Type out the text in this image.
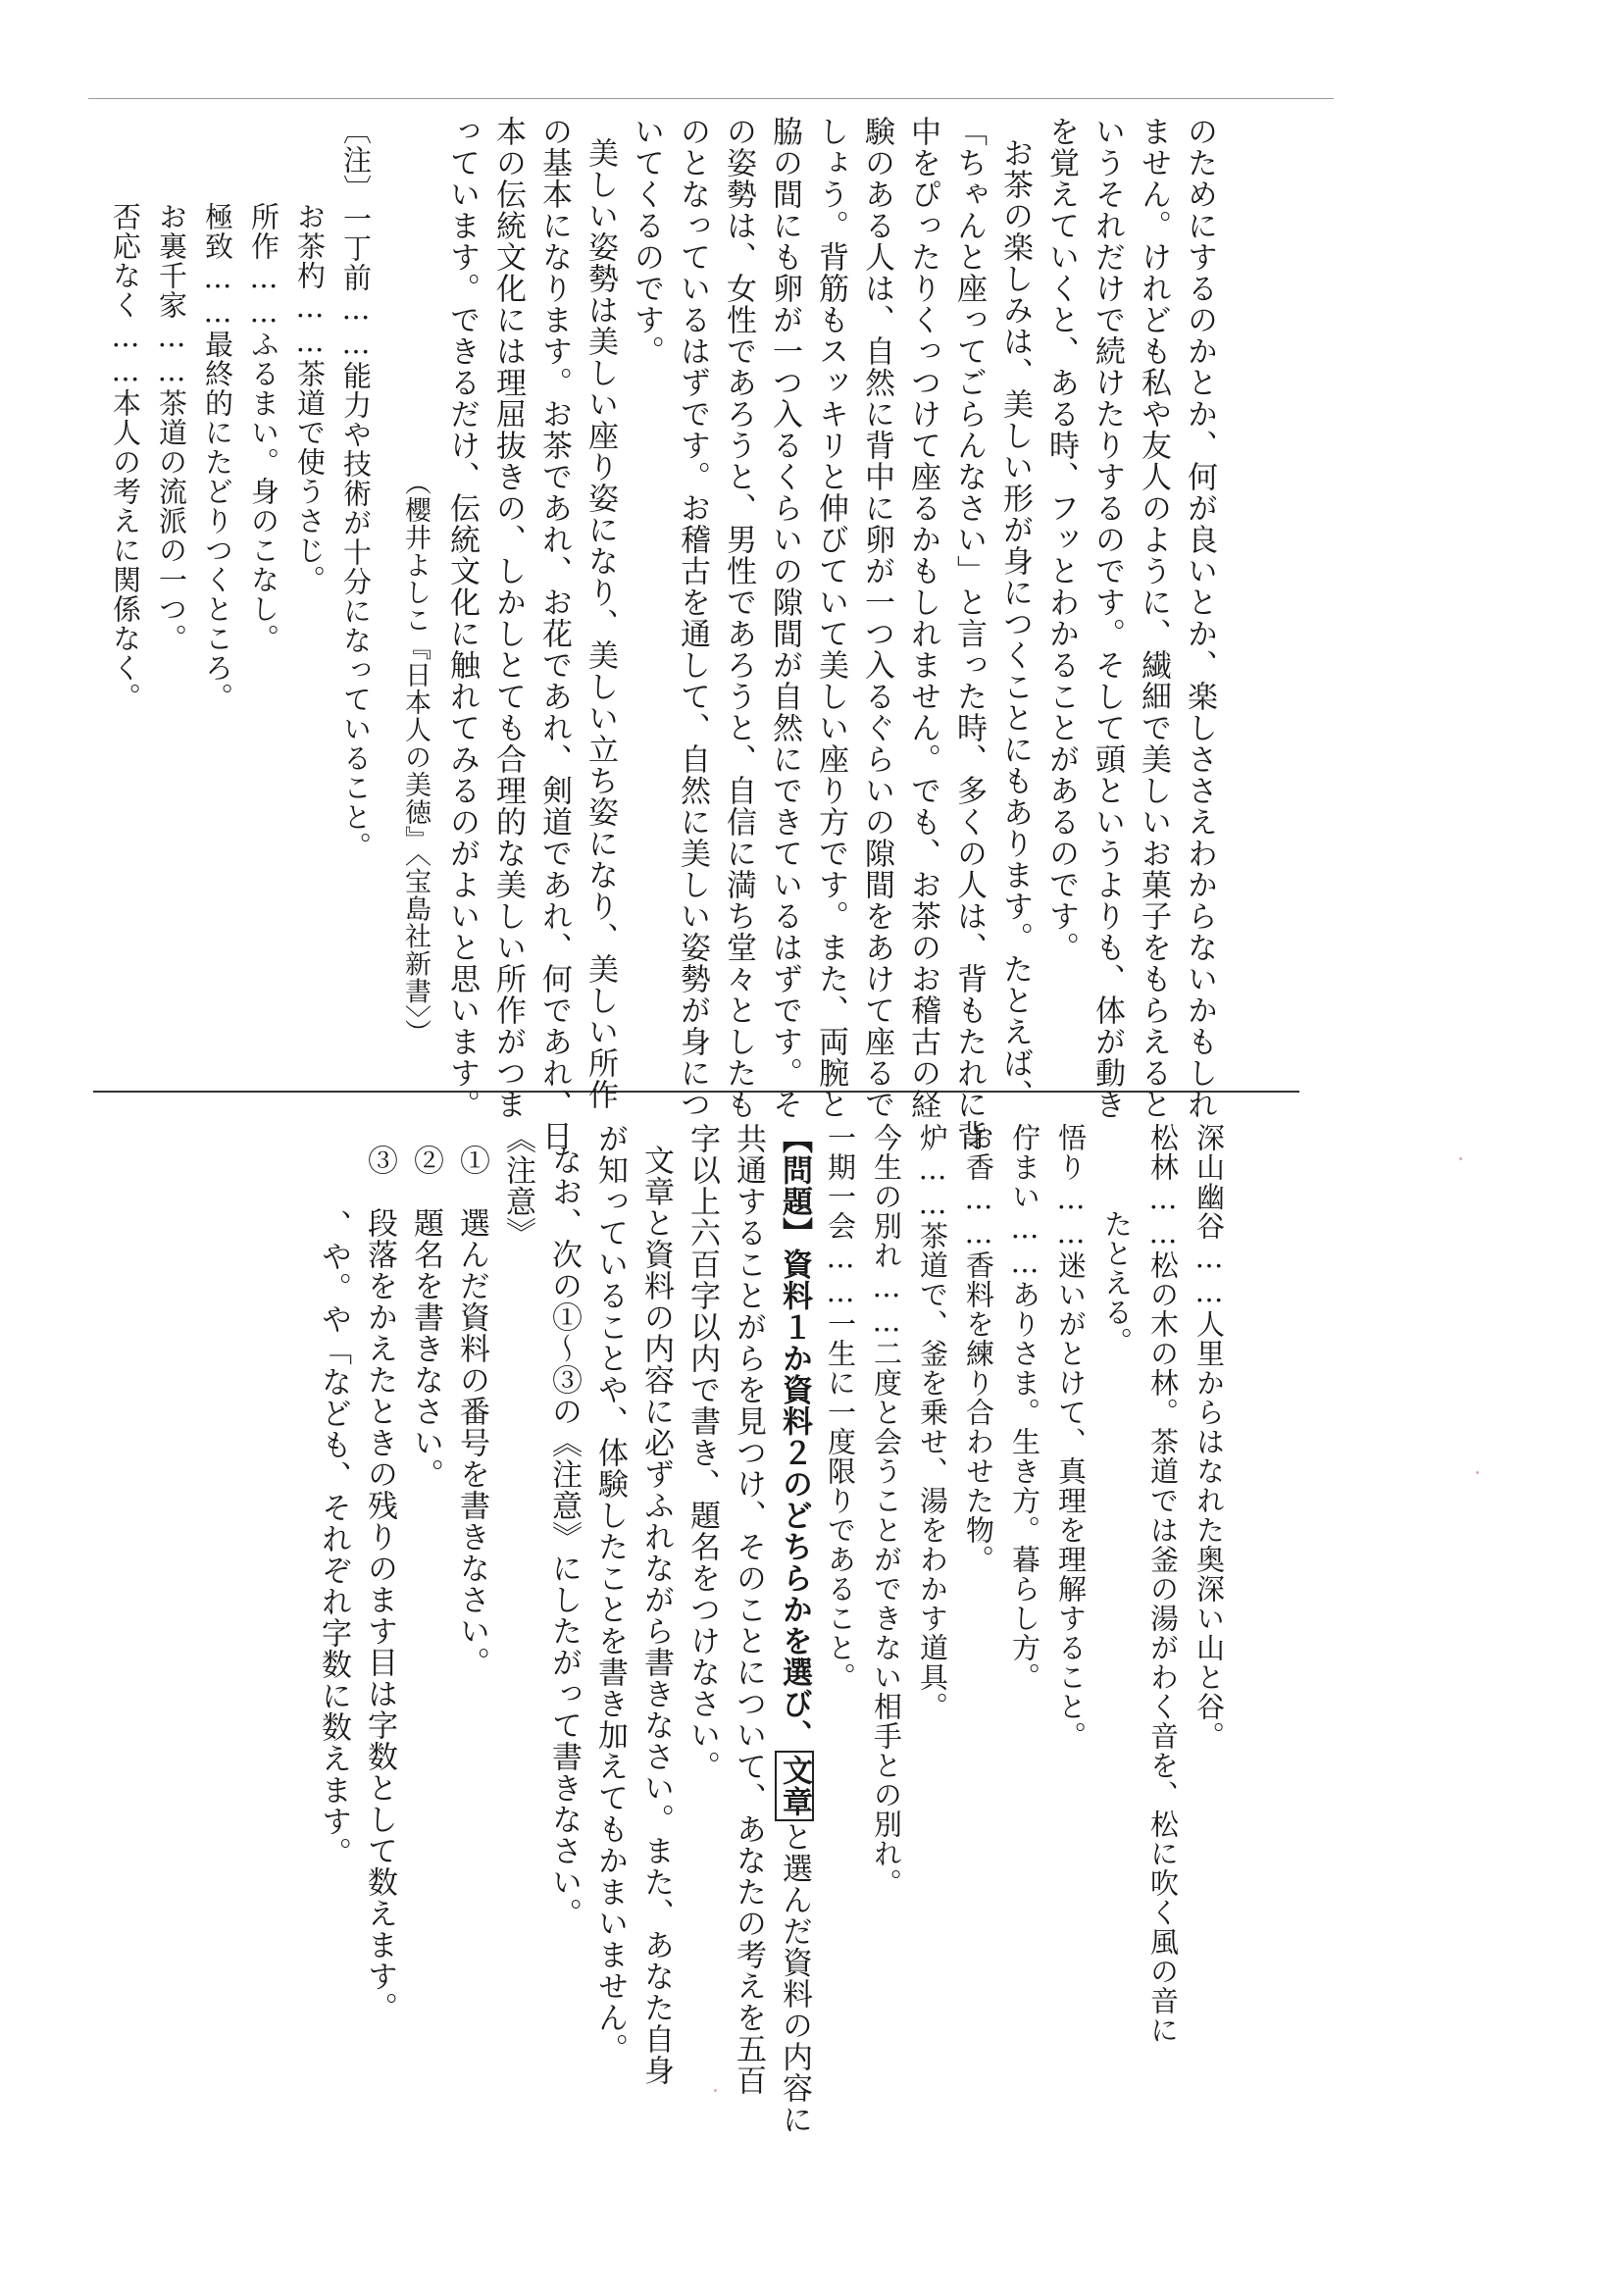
のためにするのかとか、何が良いとか、楽しささえわからないかもしれ
ません。けれども私や友人のように、繊細で美しいお菓子をもらえると
いうそれだけで続けたりするのです。そして頭というよりも、体が動き
を覚えていくと、ある時、フッとわかることがあるのです。
お茶の楽しみは、美しい形が身につくことにもあります。たとえば、
「ちゃんと座ってごらんなさい」と言った時、多くの人は、背もたれに背
中をぴったりくっつけて座るかもしれません。でも、お茶のお稽古の経
験のある人は、自然に背中に卵が一つ入るぐらいの隙間をあけて座るで
しょう。背筋もスッキリと伸びていて美しい座り方です。また、両腕と
脇の間にも卵が一つ入るくらいの隙間が自然にできているはずです。そ
の姿勢は、女性であろうと、男性であろうと、自信に満ち堂々としたも
のとなっているはずです。お稽古を通して、自然に美しい姿勢が身につ
いてくるのです。
美しい姿勢は美しい座り姿になり、美しい立ち姿になり、美しい所作
の基本になります。お茶であれ、お花であれ、剣道であれ、何であれ、日
本の伝統文化には理屈抜きの、しかしとても合理的な美しい所作がつま
っています。できるだけ、伝統文化に触れてみるのがよいと思います。
（櫻井よしこ『日本人の美徳』〈宝島社新書〉）
〔注〕一丁前……能力や技術が十分になっていること。
お茶杓……茶道で使うさじ。
所作……ふるまい。身のこなし。
極致……最終的にたどりつくところ。
お裏千家……茶道の流派の一つ。
否応なく……本人の考えに関係なく。
深山幽谷……人里からはなれた奥深い山と谷。
松林……松の木の林。茶道では釜の湯がわく音を、松に吹く風の音に
たとえる。
悟り……迷いがとけて、真理を理解すること。
佇まい……ありさま。生き方。暮らし方。
お香……香料を練り合わせた物。
炉……茶道で、釜を乗せ、湯をわかす道具。
今生の別れ……二度と会うことができない相手との別れ。
一期一会……一生に一度限りであること。
【問題】資料１か資料２のどちらかを選び、文章と選んだ資料の内容に
共通することがらを見つけ、そのことについて、あなたの考えを五百
字以上六百字以内で書き、題名をつけなさい。
文章と資料の内容に必ずふれながら書きなさい。また、あなた自身
が知っていることや、体験したことを書き加えてもかまいません。
なお、次の①～③の《注意》にしたがって書きなさい。
《注意》
①　選んだ資料の番号を書きなさい。
②　題名を書きなさい。
③　段落をかえたときの残りのます目は字数として数えます。
、や。や「なども、それぞれ字数に数えます。
